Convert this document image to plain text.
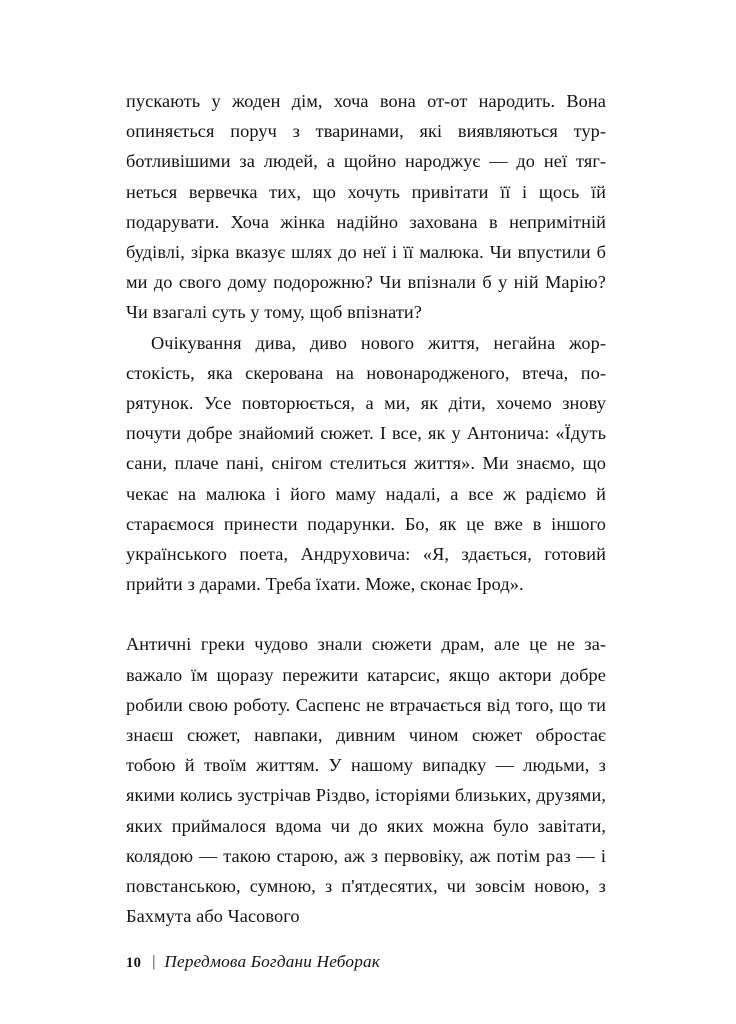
пускають у жоден дім, хоча вона от-от народить. Вона опиняється поруч з тваринами, які виявляються турботливішими за людей, а щойно народжує — до неї тягнеться вервечка тих, що хочуть привітати її і щось їй подарувати. Хоча жінка надійно захована в непримітній будівлі, зірка вказує шлях до неї і її малюка. Чи впустили б ми до свого дому подорожню? Чи впізнали б у ній Марію? Чи взагалі суть у тому, щоб впізнати?

Очікування дива, диво нового життя, негайна жорстокість, яка скерована на новонародженого, втеча, порятунок. Усе повторюється, а ми, як діти, хочемо знову почути добре знайомий сюжет. І все, як у Антонича: «Їдуть сани, плаче пані, снігом стелиться життя». Ми знаємо, що чекає на малюка і його маму надалі, а все ж радіємо й стараємося принести подарунки. Бо, як це вже в іншого українського поета, Андруховича: «Я, здається, готовий прийти з дарами. Треба їхати. Може, сконає Ірод».

Античні греки чудово знали сюжети драм, але це не заважало їм щоразу пережити катарсис, якщо актори добре робили свою роботу. Саспенс не втрачається від того, що ти знаєш сюжет, навпаки, дивним чином сюжет обростає тобою й твоїм життям. У нашому випадку — людьми, з якими колись зустрічав Різдво, історіями близьких, друзями, яких приймалося вдома чи до яких можна було завітати, колядою — такою старою, аж з первовіку, аж потім раз — і повстанською, сумною, з п'ятдесятих, чи зовсім новою, з Бахмута або Часового

10 | Передмова Богдани Неборак
